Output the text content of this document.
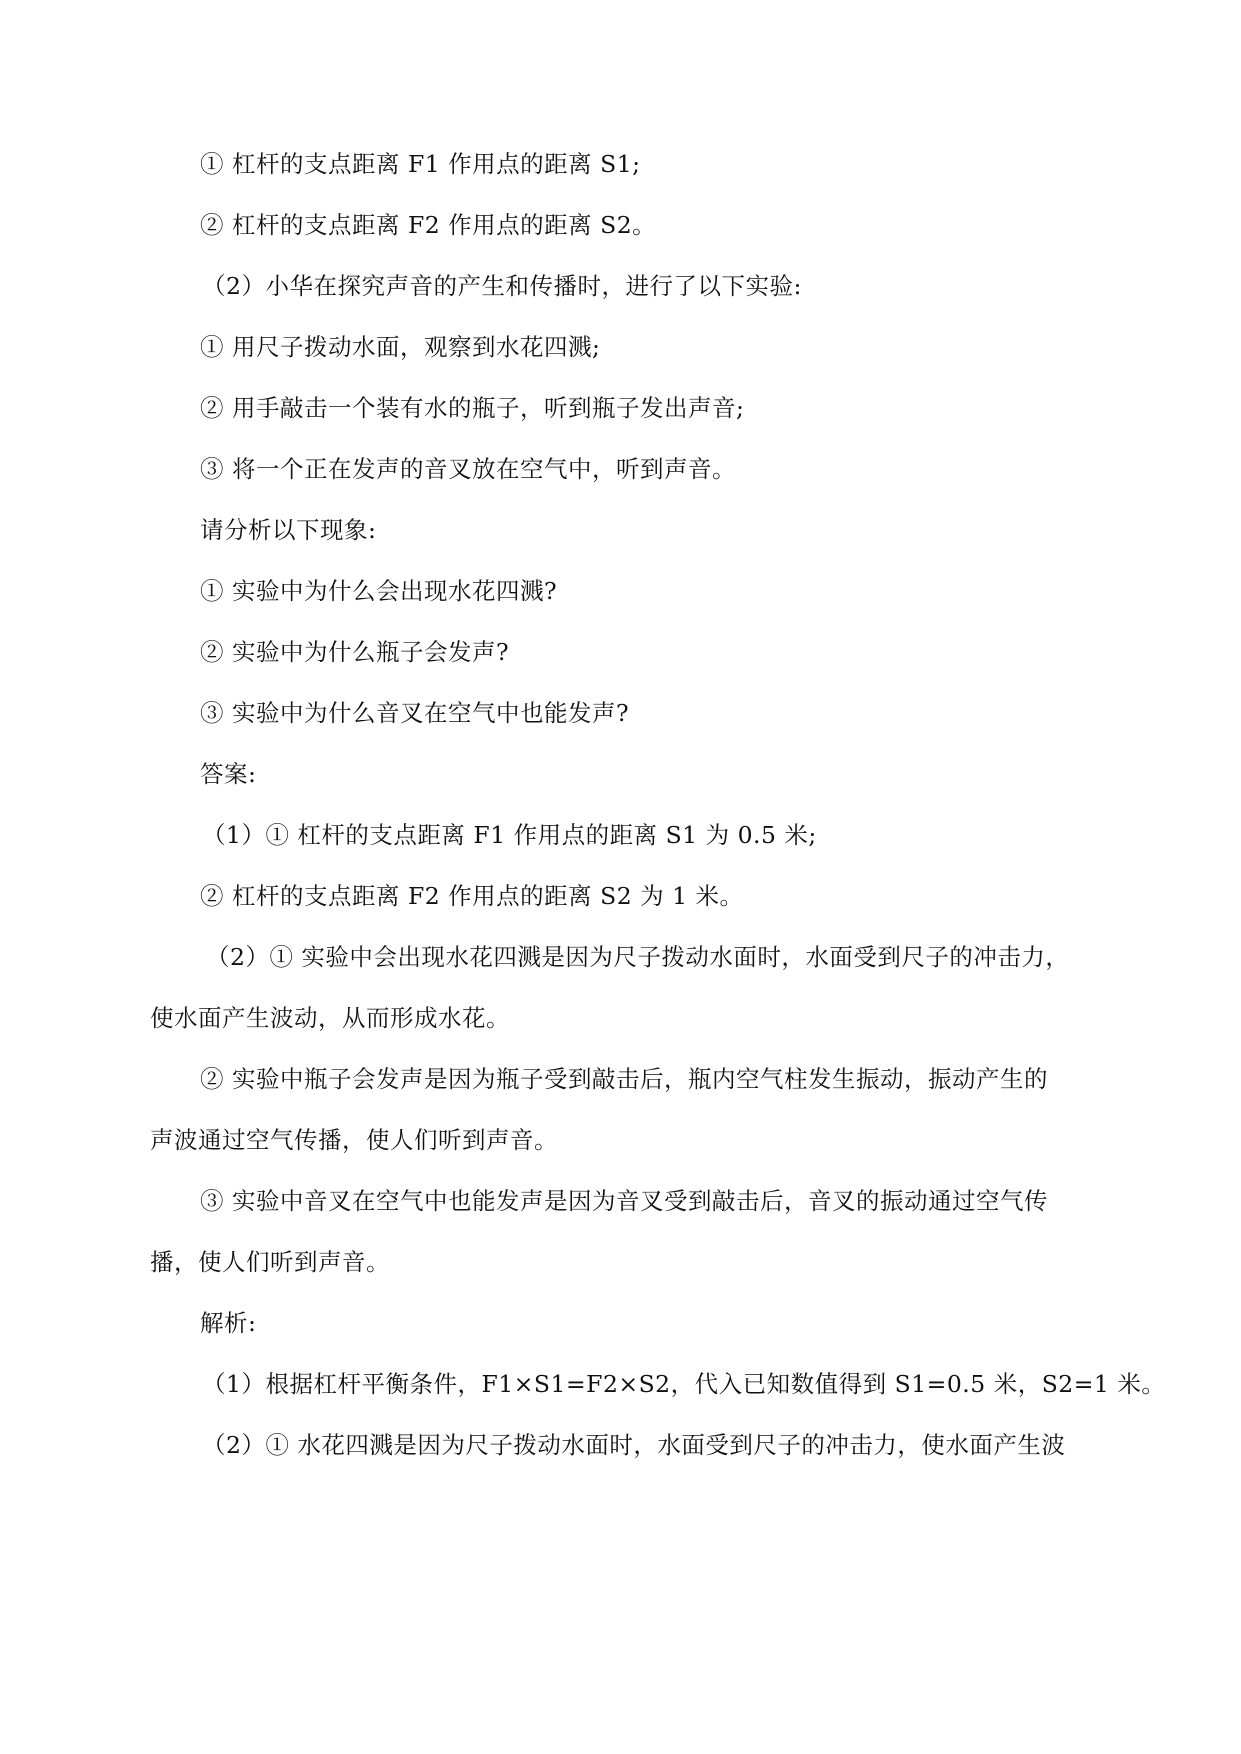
① 杠杆的支点距离 F1 作用点的距离 S1;
② 杠杆的支点距离 F2 作用点的距离 S2。
（2）小华在探究声音的产生和传播时，进行了以下实验:
① 用尺子拨动水面，观察到水花四溅;
② 用手敲击一个装有水的瓶子，听到瓶子发出声音;
③ 将一个正在发声的音叉放在空气中，听到声音。
请分析以下现象:
① 实验中为什么会出现水花四溅?
② 实验中为什么瓶子会发声?
③ 实验中为什么音叉在空气中也能发声?
答案:
（1）① 杠杆的支点距离 F1 作用点的距离 S1 为 0.5 米;
② 杠杆的支点距离 F2 作用点的距离 S2 为 1 米。
（2）① 实验中会出现水花四溅是因为尺子拨动水面时，水面受到尺子的冲击力，
使水面产生波动，从而形成水花。
② 实验中瓶子会发声是因为瓶子受到敲击后，瓶内空气柱发生振动，振动产生的
声波通过空气传播，使人们听到声音。
③ 实验中音叉在空气中也能发声是因为音叉受到敲击后，音叉的振动通过空气传
播，使人们听到声音。
解析:
（1）根据杠杆平衡条件，F1×S1=F2×S2，代入已知数值得到 S1=0.5 米，S2=1 米。
（2）① 水花四溅是因为尺子拨动水面时，水面受到尺子的冲击力，使水面产生波
